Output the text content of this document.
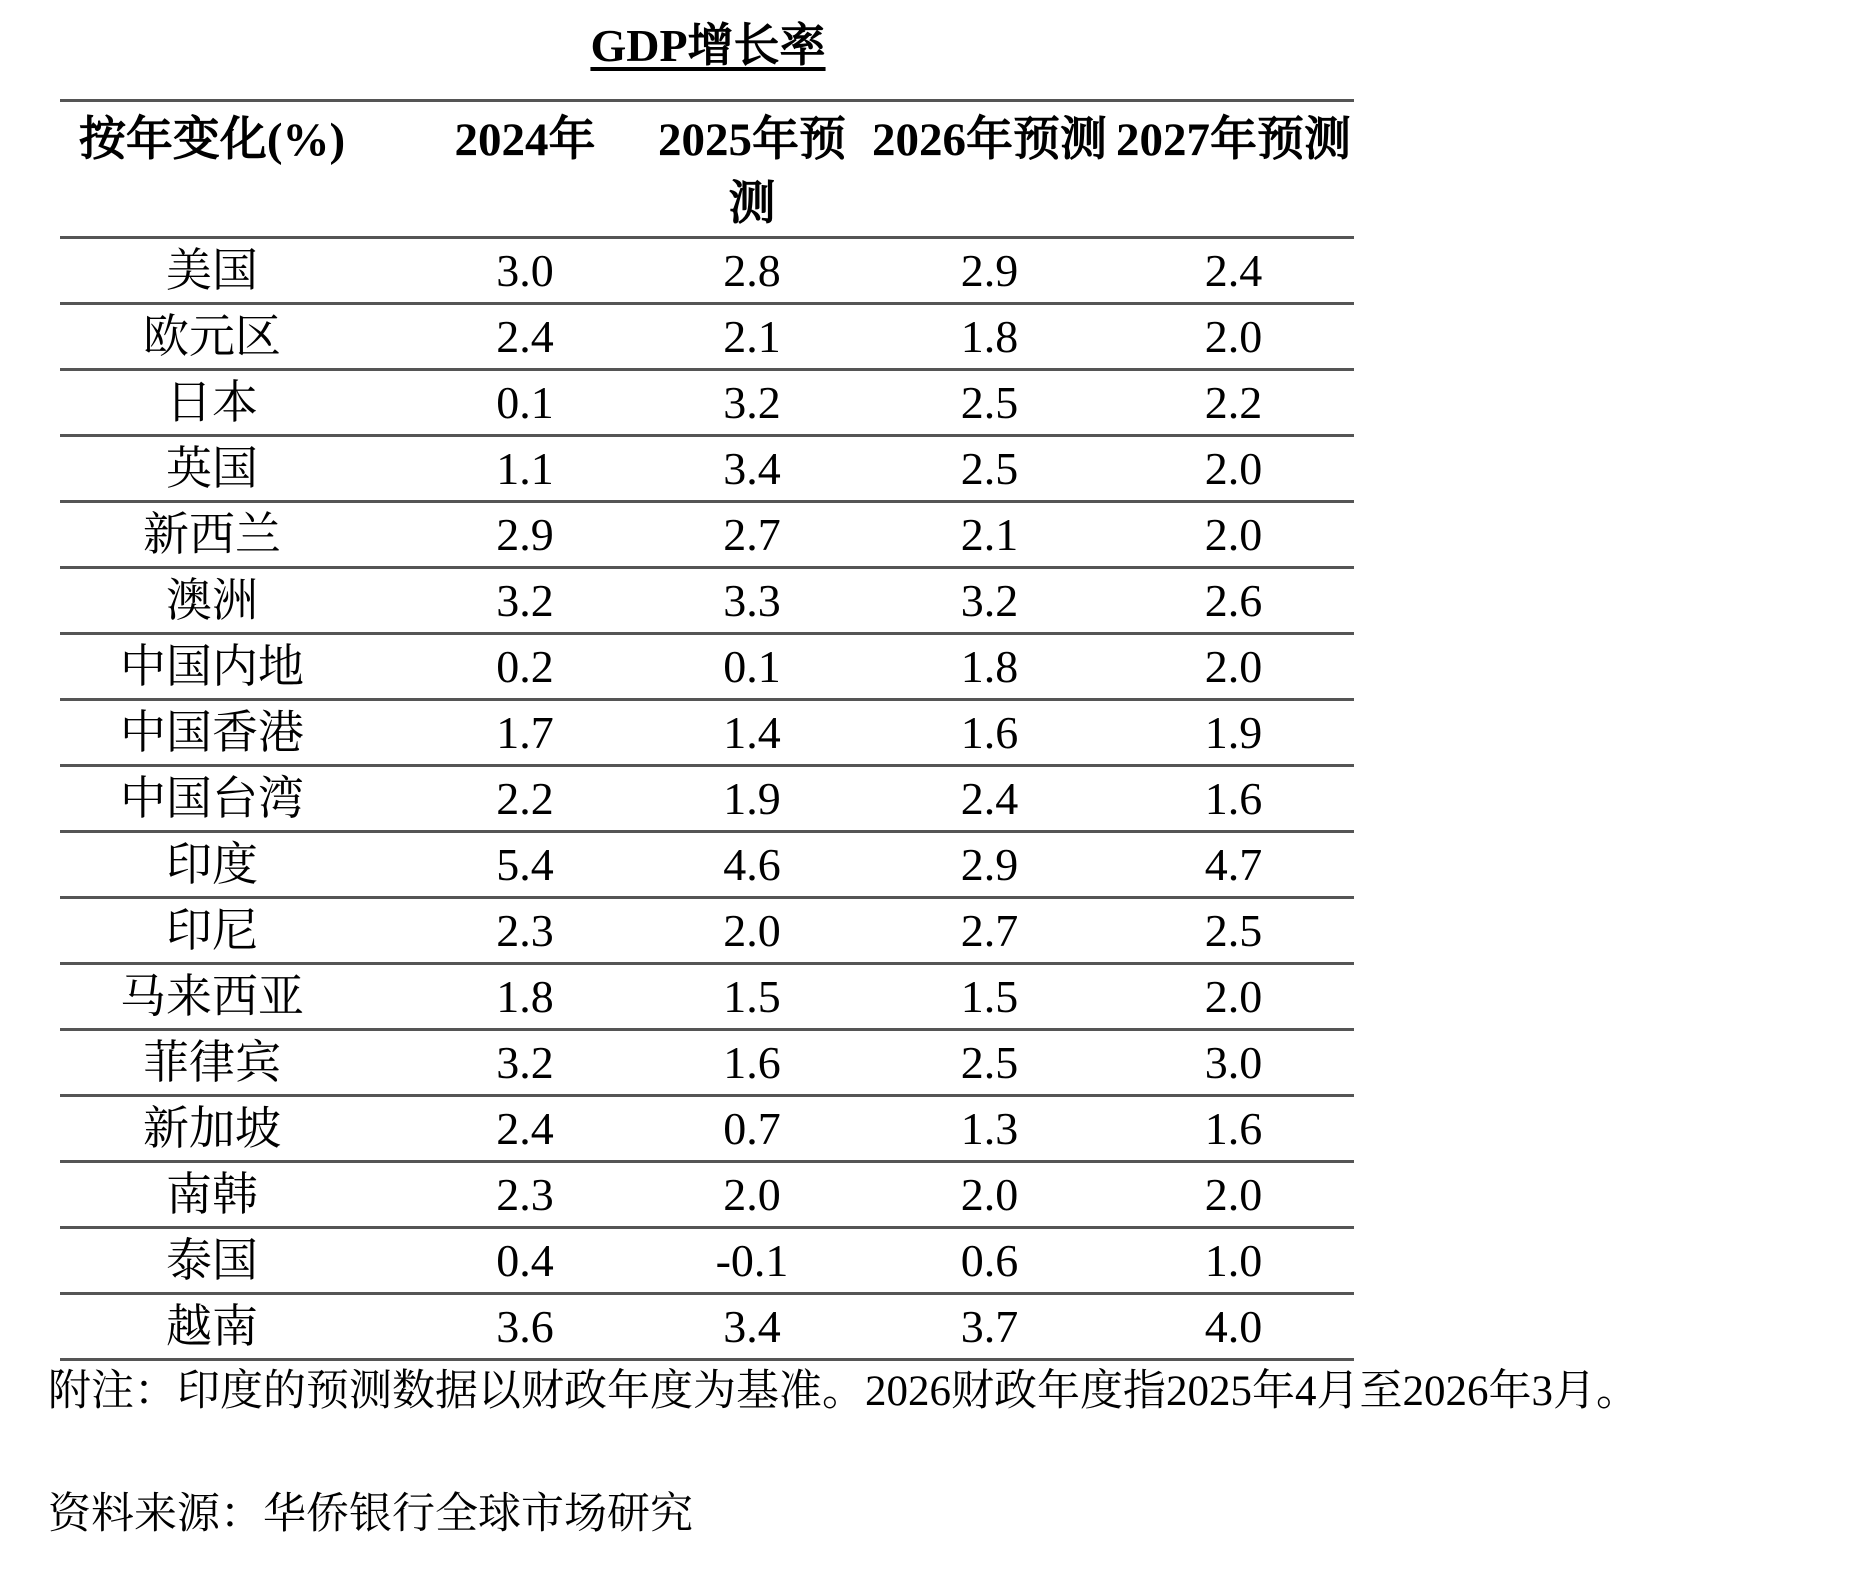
GDP增长率
按年变化(%)	2024年	2025年预测	2026年预测	2027年预测
美国	3.0	2.8	2.9	2.4
欧元区	2.4	2.1	1.8	2.0
日本	0.1	3.2	2.5	2.2
英国	1.1	3.4	2.5	2.0
新西兰	2.9	2.7	2.1	2.0
澳洲	3.2	3.3	3.2	2.6
中国内地	0.2	0.1	1.8	2.0
中国香港	1.7	1.4	1.6	1.9
中国台湾	2.2	1.9	2.4	1.6
印度	5.4	4.6	2.9	4.7
印尼	2.3	2.0	2.7	2.5
马来西亚	1.8	1.5	1.5	2.0
菲律宾	3.2	1.6	2.5	3.0
新加坡	2.4	0.7	1.3	1.6
南韩	2.3	2.0	2.0	2.0
泰国	0.4	-0.1	0.6	1.0
越南	3.6	3.4	3.7	4.0
附注：印度的预测数据以财政年度为基准。2026财政年度指2025年4月至2026年3月。
资料来源：华侨银行全球市场研究
